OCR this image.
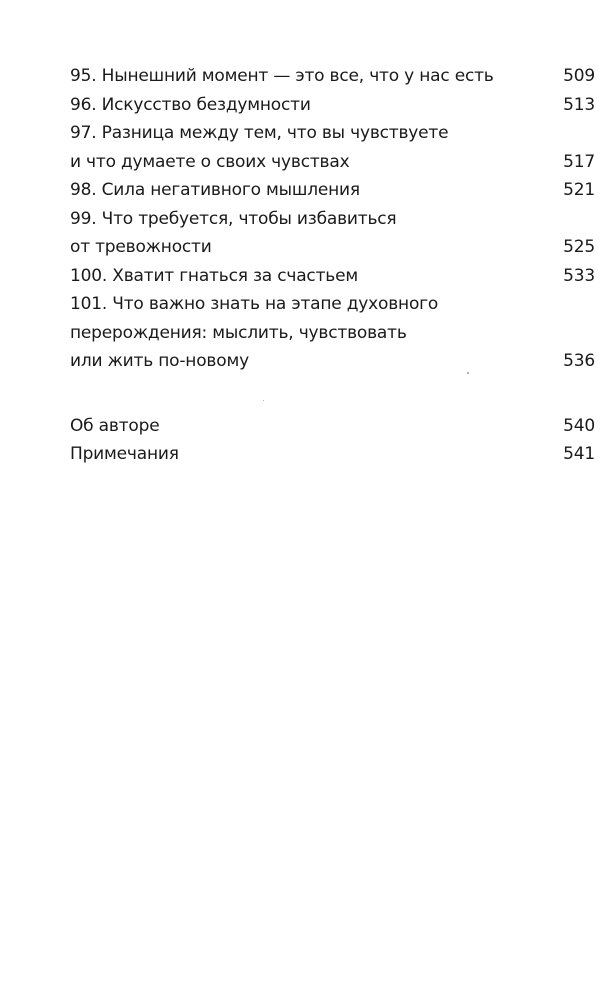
95. Нынешний момент — это все, что у нас есть	509
96. Искусство бездумности	513
97. Разница между тем, что вы чувствуете
и что думаете о своих чувствах	517
98. Сила негативного мышления	521
99. Что требуется, чтобы избавиться
от тревожности	525
100. Хватит гнаться за счастьем	533
101. Что важно знать на этапе духовного
перерождения: мыслить, чувствовать
или жить по-новому	536
Об авторе	540
Примечания	541
